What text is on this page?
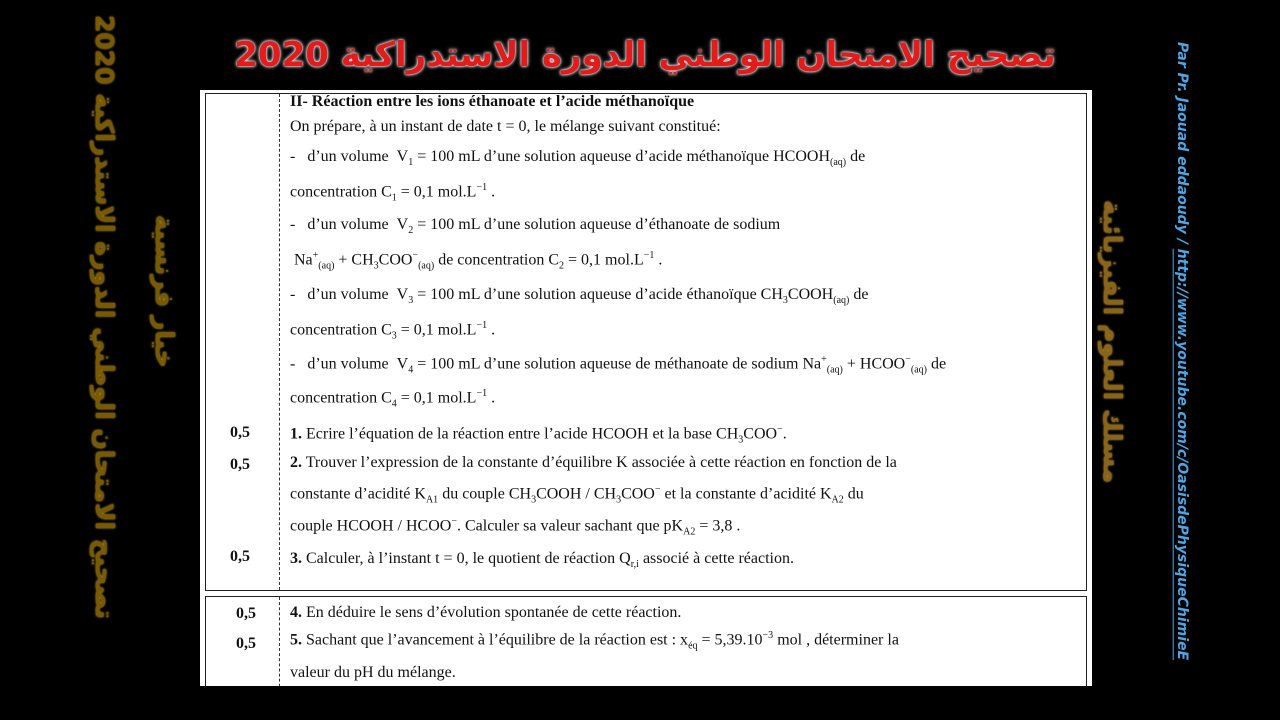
تصحيح الامتحان الوطني الدورة الاستدراكية 2020
تصحيح الامتحان الوطني الدورة الاستدراكية 2020 خيار فرنسية	مسلك العلوم الفيزيائية
Par Pr. Jaouad eddaoudy / http://www.youtube.com/c/OasisdePhysiqueChimieE
II- Réaction entre les ions éthanoate et l’acide méthanoïque
On prépare, à un instant de date t = 0, le mélange suivant constitué:
- d’un volume $V_1 = 100$ mL d’une solution aqueuse d’acide méthanoïque $HCOOH_{(aq)}$ de
concentration $C_1 = 0,1$ $mol.L^{-1}$ .
- d’un volume $V_2 = 100$ mL d’une solution aqueuse d’éthanoate de sodium
$Na^+_{(aq)} + CH_3COO^-_{(aq)}$ de concentration $C_2 = 0,1$ $mol.L^{-1}$ .
- d’un volume $V_3 = 100$ mL d’une solution aqueuse d’acide éthanoïque $CH_3COOH_{(aq)}$ de
concentration $C_3 = 0,1$ $mol.L^{-1}$ .
- d’un volume $V_4 = 100$ mL d’une solution aqueuse de méthanoate de sodium $Na^+_{(aq)}$ + $HCOO^-_{(aq)}$ de
concentration $C_4 = 0,1$ $mol.L^{-1}$ .
0,5	1. Ecrire l’équation de la réaction entre l’acide HCOOH et la base $CH_3COO^-$.
0,5	2. Trouver l’expression de la constante d’équilibre K associée à cette réaction en fonction de la
constante d’acidité $K_{A1}$ du couple $CH_3COOH / CH_3COO^-$ et la constante d’acidité $K_{A2}$ du
couple HCOOH / HCOO−. Calculer sa valeur sachant que $pK_{A2} = 3,8$ .
0,5	3. Calculer, à l’instant t = 0, le quotient de réaction $Q_{r,i}$ associé à cette réaction.
0,5 4. En déduire le sens d’évolution spontanée de cette réaction.
0,5 5. Sachant que l’avancement à l’équilibre de la réaction est : $x_{éq} = 5,39.10^{-3}$ mol , déterminer la
valeur du pH du mélange.
